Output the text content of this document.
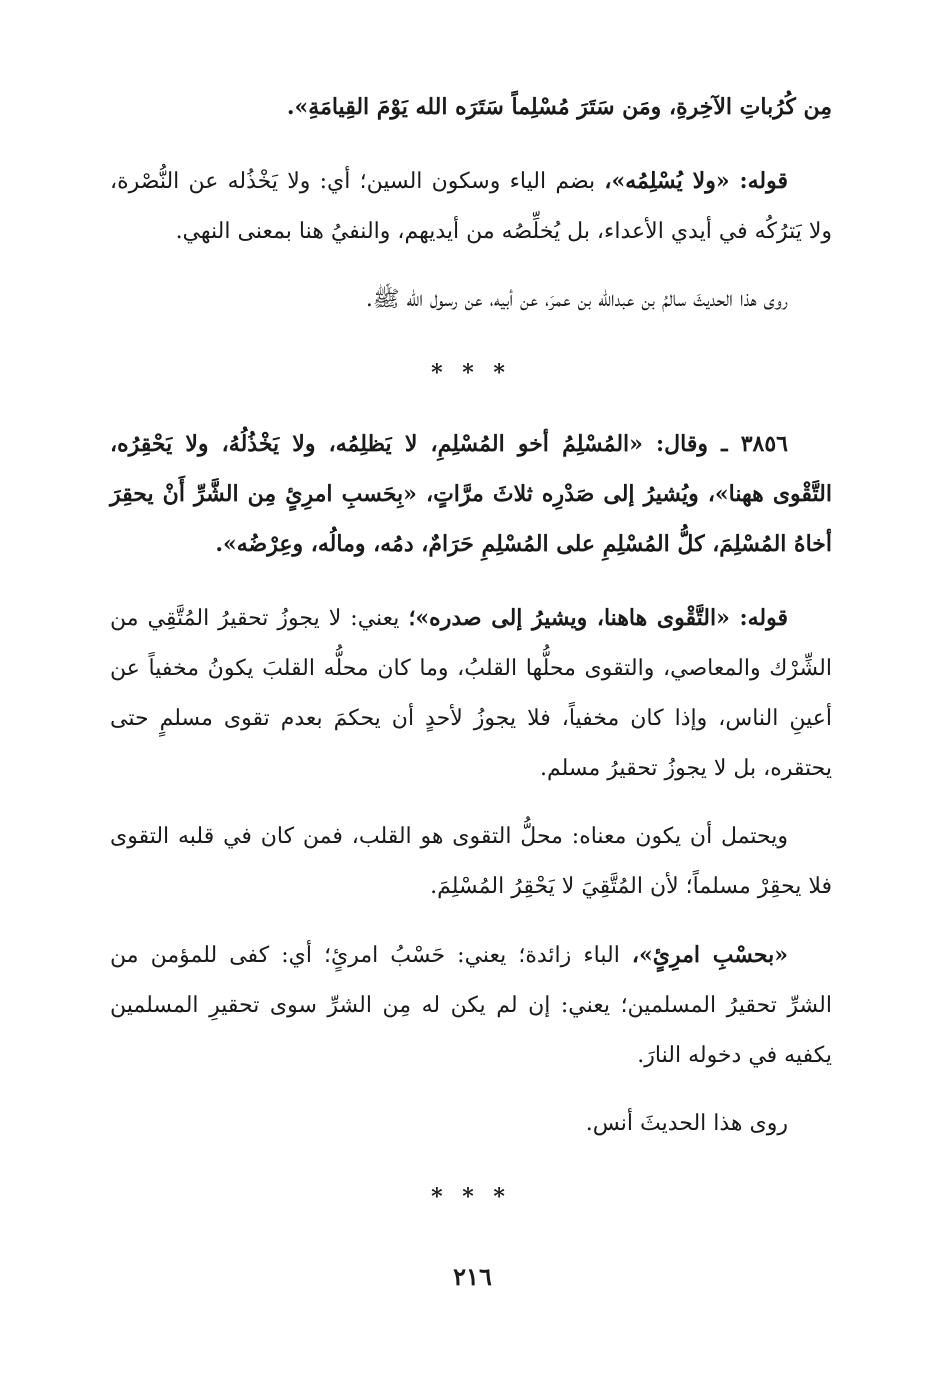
مِن كُرُباتِ الآخِرةِ، ومَن سَتَرَ مُسْلِماً سَتَرَه الله يَوْمَ القِيامَةِ».

قوله: «ولا يُسْلِمُه»، بضم الياء وسكون السين؛ أي: ولا يَخْذُله عن النُّصْرة، ولا يَترُكُه في أيدي الأعداء، بل يُخلِّصُه من أيديهم، والنفيُ هنا بمعنى النهي.

روى هذا الحديثَ سالمُ بن عبدالله بن عمرَ، عن أبيه، عن رسول الله ﷺ.

* * *

٣٨٥٦ ـ وقال: «المُسْلِمُ أخو المُسْلِمِ، لا يَظلِمُه، ولا يَخْذُلُهُ، ولا يَحْقِرُه، التَّقْوى ههنا»، ويُشيرُ إلى صَدْرِه ثلاثَ مرَّاتٍ، «بِحَسبِ امرِئٍ مِن الشَّرِّ أَنْ يحقِرَ أخاهُ المُسْلِمَ، كلُّ المُسْلِمِ على المُسْلِمِ حَرَامٌ، دمُه، ومالُه، وعِرْضُه».

قوله: «التَّقْوى هاهنا، ويشيرُ إلى صدره»؛ يعني: لا يجوزُ تحقيرُ المُتَّقِي من الشِّرْك والمعاصي، والتقوى محلُّها القلبُ، وما كان محلُّه القلبَ يكونُ مخفياً عن أعينِ الناس، وإذا كان مخفياً، فلا يجوزُ لأحدٍ أن يحكمَ بعدم تقوى مسلمٍ حتى يحتقره، بل لا يجوزُ تحقيرُ مسلم.

ويحتمل أن يكون معناه: محلُّ التقوى هو القلب، فمن كان في قلبه التقوى فلا يحقِرْ مسلماً؛ لأن المُتَّقِيَ لا يَحْقِرُ المُسْلِمَ.

«بحسْبِ امرِئٍ»، الباء زائدة؛ يعني: حَسْبُ امرئٍ؛ أي: كفى للمؤمن من الشرِّ تحقيرُ المسلمين؛ يعني: إن لم يكن له مِن الشرِّ سوى تحقيرِ المسلمين يكفيه في دخوله النارَ.

روى هذا الحديثَ أنس.

* * *

٢١٦
